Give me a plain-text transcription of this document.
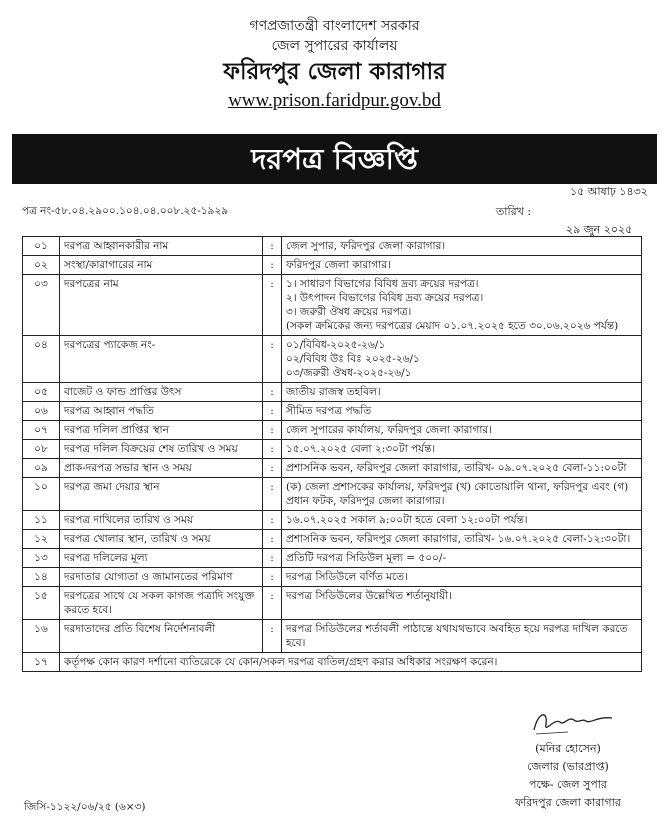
গণপ্রজাতন্ত্রী বাংলাদেশ সরকার
জেল সুপারের কার্যালয়
ফরিদপুর জেলা কারাগার
www.prison.faridpur.gov.bd
দরপত্র বিজ্ঞপ্তি
১৫ আষাঢ় ১৪৩২
তারিখ :
পত্র নং-৫৮.০৪.২৯০০.১০৪.০৪.০০৮.২৫-১৯২৯
২৯ জুন ২০২৫
০১	দরপত্র আহ্বানকারীর নাম	:	জেল সুপার, ফরিদপুর জেলা কারাগার।

০২	সংস্থা/কারাগারের নাম	:	ফরিদপুর জেলা কারাগার।

০৩	দরপত্রের নাম	:	১। সাধারণ বিভাগের বিবিধ দ্রব্য ক্রয়ের দরপত্র।
২। উৎপাদন বিভাগের বিবিধ দ্রব্য ক্রয়ের দরপত্র।
৩। জরুরী ঔষধ ক্রয়ের দরপত্র।
(সকল ক্রমিকের জন্য দরপত্রের মেয়াদ ০১.০৭.২০২৫ হতে ৩০.০৬.২০২৬ পর্যন্ত)

০৪	দরপত্রের প্যাকেজ নং-	:	০১/বিবিধ-২০২৫-২৬/১
০২/বিবিধ উঃ বিঃ ২০২৫-২৬/১
০৩/জরুরী ঔষধ-২০২৫-২৬/১

০৫	বাজেট ও ফান্ড প্রাপ্তির উৎস	:	জাতীয় রাজস্ব তহবিল।

০৬	দরপত্র আহ্বান পদ্ধতি	:	সীমিত দরপত্র পদ্ধতি

০৭	দরপত্র দলিল প্রাপ্তির স্থান	:	জেল সুপারের কার্যালয়, ফরিদপুর জেলা কারাগার।

০৮	দরপত্র দলিল বিক্রয়ের শেষ তারিখ ও সময়	:	১৫.০৭.২০২৫ বেলা ২:৩০টা পর্যন্ত।

০৯	প্রাক-দরপত্র সভার স্থান ও সময়	:	প্রশাসনিক ভবন, ফরিদপুর জেলা কারাগার, তারিখ- ০৯.০৭.২০২৫ বেলা-১১:০০টা

১০	দরপত্র জমা দেয়ার স্থান	:	(ক) জেলা প্রশাসকের কার্যালয়, ফরিদপুর (খ) কোতোয়ালি থানা, ফরিদপুর এবং (গ) প্রধান ফটক, ফরিদপুর জেলা কারাগার।

১১	দরপত্র দাখিলের তারিখ ও সময়	:	১৬.০৭.২০২৫ সকাল ৯:০০টা হতে বেলা ১২:০০টা পর্যন্ত।

১২	দরপত্র খোলার স্থান, তারিখ ও সময়	:	প্রশাসনিক ভবন, ফরিদপুর জেলা কারাগার, তারিখ- ১৬.০৭.২০২৫ বেলা-১২:৩০টা।

১৩	দরপত্র দলিলের মূল্য	:	প্রতিটি দরপত্র সিডিউল মূল্য = ৫০০/-

১৪	দরদাতার যোগ্যতা ও জামানতের পরিমাণ	:	দরপত্র সিডিউলে বর্ণিত মতে।

১৫	দরপত্রের সাথে যে সকল কাগজ পত্রাদি সংযুক্ত করতে হবে।	:	দরপত্র সিডিউলের উল্লেখিত শর্তানুযায়ী।

১৬	দরদাতাদের প্রতি বিশেষ নির্দেশনাবলী	:	দরপত্র সিডিউলের শর্তাবলী পাঠান্তে যথাযথভাবে অবহিত হয়ে দরপত্র দাখিল করতে হবে।

১৭	কর্তৃপক্ষ কোন কারণ দর্শানো ব্যতিরেকে যে কোন/সকল দরপত্র বাতিল/গ্রহণ করার অধিকার সংরক্ষণ করেন।		
(মনির হোসেন)
জেলার (ভারপ্রাপ্ত)
পক্ষে- জেল সুপার
ফরিদপুর জেলা কারাগার
জিসি-১১২২/০৬/২৫ (৬×৩)
